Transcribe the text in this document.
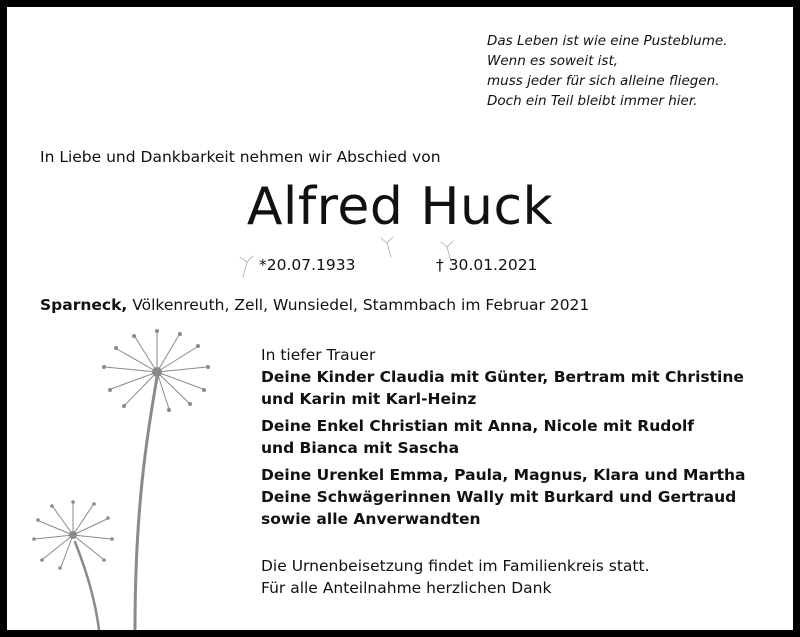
Das Leben ist wie eine Pusteblume.
Wenn es soweit ist,
muss jeder für sich alleine fliegen.
Doch ein Teil bleibt immer hier.
In Liebe und Dankbarkeit nehmen wir Abschied von
Alfred Huck
*20.07.1933	† 30.01.2021
Sparneck, Völkenreuth, Zell, Wunsiedel, Stammbach im Februar 2021
In tiefer Trauer
Deine Kinder Claudia mit Günter, Bertram mit Christine
und Karin mit Karl-Heinz
Deine Enkel Christian mit Anna, Nicole mit Rudolf
und Bianca mit Sascha
Deine Urenkel Emma, Paula, Magnus, Klara und Martha
Deine Schwägerinnen Wally mit Burkard und Gertraud
sowie alle Anverwandten
Die Urnenbeisetzung findet im Familienkreis statt.
Für alle Anteilnahme herzlichen Dank
